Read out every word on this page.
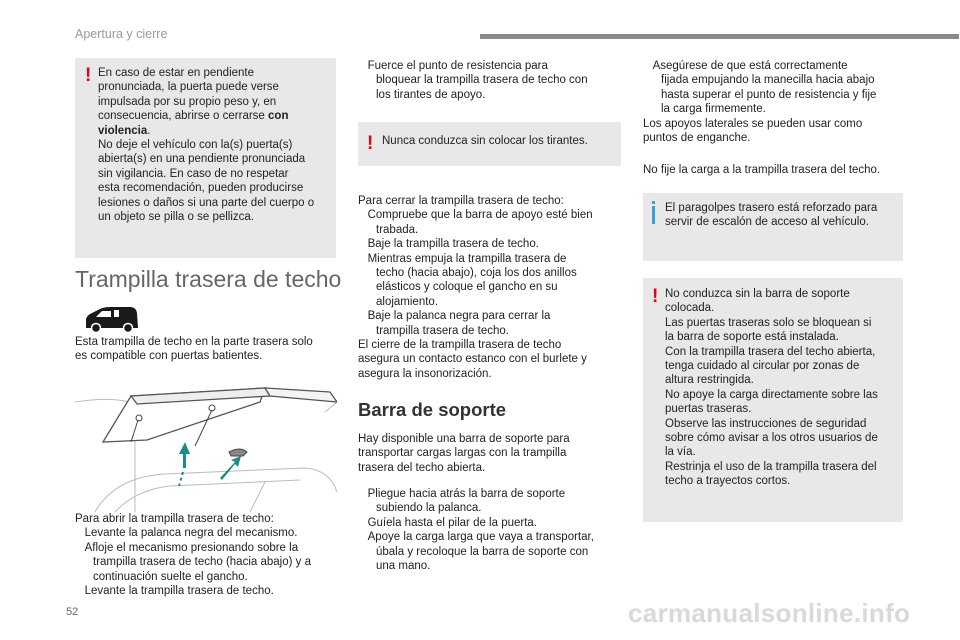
Apertura y cierre
! En caso de estar en pendiente
pronunciada, la puerta puede verse
impulsada por su propio peso y, en
consecuencia, abrirse o cerrarse con
violencia.
No deje el vehículo con la(s) puerta(s)
abierta(s) en una pendiente pronunciada
sin vigilancia. En caso de no respetar
esta recomendación, pueden producirse
lesiones o daños si una parte del cuerpo o
un objeto se pilla o se pellizca.
Trampilla trasera de techo
Esta trampilla de techo en la parte trasera solo
es compatible con puertas batientes.
Para abrir la trampilla trasera de techo:
Levante la palanca negra del mecanismo.
Afloje el mecanismo presionando sobre la
trampilla trasera de techo (hacia abajo) y a
continuación suelte el gancho.
Levante la trampilla trasera de techo.
Fuerce el punto de resistencia para
bloquear la trampilla trasera de techo con
los tirantes de apoyo.
! Nunca conduzca sin colocar los tirantes.
Para cerrar la trampilla trasera de techo:
Compruebe que la barra de apoyo esté bien
trabada.
Baje la trampilla trasera de techo.
Mientras empuja la trampilla trasera de
techo (hacia abajo), coja los dos anillos
elásticos y coloque el gancho en su
alojamiento.
Baje la palanca negra para cerrar la
trampilla trasera de techo.
El cierre de la trampilla trasera de techo
asegura un contacto estanco con el burlete y
asegura la insonorización.
Barra de soporte
Hay disponible una barra de soporte para
transportar cargas largas con la trampilla
trasera del techo abierta.
Pliegue hacia atrás la barra de soporte
subiendo la palanca.
Guíela hasta el pilar de la puerta.
Apoye la carga larga que vaya a transportar,
úbala y recoloque la barra de soporte con
una mano.
Asegúrese de que está correctamente
fijada empujando la manecilla hacia abajo
hasta superar el punto de resistencia y fije
la carga firmemente.
Los apoyos laterales se pueden usar como
puntos de enganche.
No fije la carga a la trampilla trasera del techo.
El paragolpes trasero está reforzado para
servir de escalón de acceso al vehículo.
! No conduzca sin la barra de soporte
colocada.
Las puertas traseras solo se bloquean si
la barra de soporte está instalada.
Con la trampilla trasera del techo abierta,
tenga cuidado al circular por zonas de
altura restringida.
No apoye la carga directamente sobre las
puertas traseras.
Observe las instrucciones de seguridad
sobre cómo avisar a los otros usuarios de
la vía.
Restrinja el uso de la trampilla trasera del
techo a trayectos cortos.
52	carmanualsonline.info
